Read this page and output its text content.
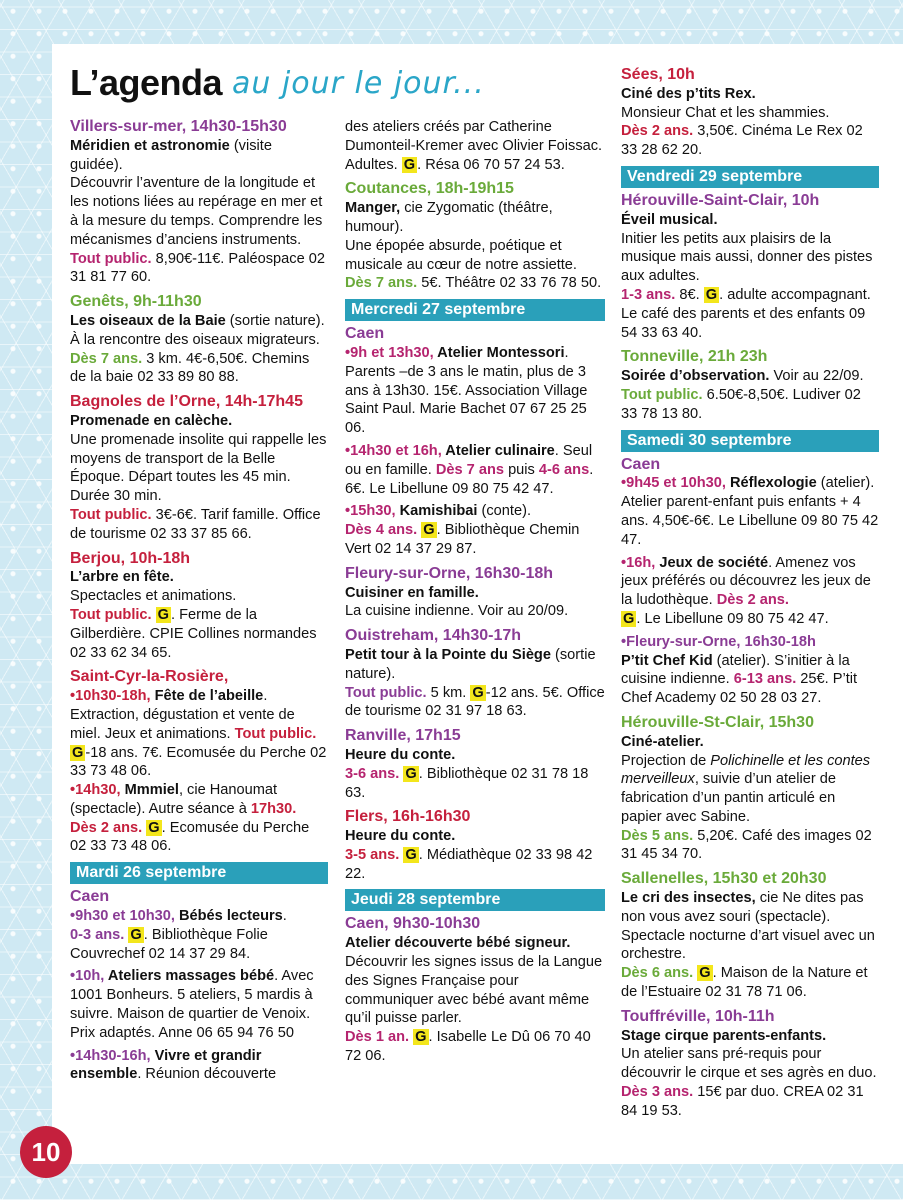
L’agenda au jour le jour...
Villers-sur-mer, 14h30-15h30
Méridien et astronomie (visite guidée).
Découvrir l’aventure de la longitude et les notions liées au repérage en mer et à la mesure du temps. Comprendre les mécanismes d’anciens instruments.
Tout public. 8,90€-11€. Paléospace 02 31 81 77 60.
Genêts, 9h-11h30
Les oiseaux de la Baie (sortie nature). À la rencontre des oiseaux migrateurs.
Dès 7 ans. 3 km. 4€-6,50€. Chemins de la baie 02 33 89 80 88.
Bagnoles de l’Orne, 14h-17h45
Promenade en calèche.
Une promenade insolite qui rappelle les moyens de transport de la Belle Époque. Départ toutes les 45 min. Durée 30 min.
Tout public. 3€-6€. Tarif famille. Office de tourisme 02 33 37 85 66.
Berjou, 10h-18h
L’arbre en fête.
Spectacles et animations.
Tout public. G . Ferme de la Gilberdière. CPIE Collines normandes 02 33 62 34 65.
Saint-Cyr-la-Rosière,
•10h30-18h, Fête de l’abeille. Extraction, dégustation et vente de miel. Jeux et animations. Tout public. G -18 ans. 7€. Ecomusée du Perche 02 33 73 48 06.
•14h30, Mmmiel, cie Hanoumat (spectacle). Autre séance à 17h30.
Dès 2 ans. G . Ecomusée du Perche 02 33 73 48 06.
Mardi 26 septembre
Caen
•9h30 et 10h30, Bébés lecteurs.
0-3 ans. G . Bibliothèque Folie Couvrechef 02 14 37 29 84.
•10h, Ateliers massages bébé. Avec 1001 Bonheurs. 5 ateliers, 5 mardis à suivre. Maison de quartier de Venoix. Prix adaptés. Anne 06 65 94 76 50
•14h30-16h, Vivre et grandir ensemble. Réunion découverte
des ateliers créés par Catherine Dumonteil-Kremer avec Olivier Foissac. Adultes. G . Résa 06 70 57 24 53.
Coutances, 18h-19h15
Manger, cie Zygomatic (théâtre, humour).
Une épopée absurde, poétique et musicale au cœur de notre assiette.
Dès 7 ans. 5€. Théâtre 02 33 76 78 50.
Mercredi 27 septembre
Caen
•9h et 13h30, Atelier Montessori. Parents –de 3 ans le matin, plus de 3 ans à 13h30. 15€. Association Village Saint Paul. Marie Bachet 07 67 25 25 06.
•14h30 et 16h, Atelier culinaire. Seul ou en famille. Dès 7 ans puis 4-6 ans. 6€. Le Libellune 09 80 75 42 47.
•15h30, Kamishibai (conte).
Dès 4 ans. G . Bibliothèque Chemin Vert 02 14 37 29 87.
Fleury-sur-Orne, 16h30-18h
Cuisiner en famille.
La cuisine indienne. Voir au 20/09.
Ouistreham, 14h30-17h
Petit tour à la Pointe du Siège (sortie nature).
Tout public. 5 km. G -12 ans. 5€. Office de tourisme 02 31 97 18 63.
Ranville, 17h15
Heure du conte.
3-6 ans. G . Bibliothèque 02 31 78 18 63.
Flers, 16h-16h30
Heure du conte.
3-5 ans. G . Médiathèque 02 33 98 42 22.
Jeudi 28 septembre
Caen, 9h30-10h30
Atelier découverte bébé signeur.
Découvrir les signes issus de la Langue des Signes Française pour communiquer avec bébé avant même qu’il puisse parler.
Dès 1 an. G . Isabelle Le Dû 06 70 40 72 06.
Sées, 10h
Ciné des p’tits Rex.
Monsieur Chat et les shammies.
Dès 2 ans. 3,50€. Cinéma Le Rex 02 33 28 62 20.
Vendredi 29 septembre
Hérouville-Saint-Clair, 10h
Éveil musical.
Initier les petits aux plaisirs de la musique mais aussi, donner des pistes aux adultes.
1-3 ans. 8€. G . adulte accompagnant. Le café des parents et des enfants 09 54 33 63 40.
Tonneville, 21h 23h
Soirée d’observation. Voir au 22/09.
Tout public. 6.50€-8,50€. Ludiver 02 33 78 13 80.
Samedi 30 septembre
Caen
•9h45 et 10h30, Réflexologie (atelier). Atelier parent-enfant puis enfants + 4 ans. 4,50€-6€. Le Libellune 09 80 75 42 47.
•16h, Jeux de société. Amenez vos jeux préférés ou découvrez les jeux de la ludothèque. Dès 2 ans.
G . Le Libellune 09 80 75 42 47.
•Fleury-sur-Orne, 16h30-18h
P’tit Chef Kid (atelier). S’initier à la cuisine indienne. 6-13 ans. 25€. P’tit Chef Academy 02 50 28 03 27.
Hérouville-St-Clair, 15h30
Ciné-atelier.
Projection de Polichinelle et les contes merveilleux, suivie d’un atelier de fabrication d’un pantin articulé en papier avec Sabine.
Dès 5 ans. 5,20€. Café des images 02 31 45 34 70.
Sallenelles, 15h30 et 20h30
Le cri des insectes, cie Ne dites pas non vous avez souri (spectacle). Spectacle nocturne d’art visuel avec un orchestre.
Dès 6 ans. G . Maison de la Nature et de l’Estuaire 02 31 78 71 06.
Touffréville, 10h-11h
Stage cirque parents-enfants.
Un atelier sans pré-requis pour découvrir le cirque et ses agrès en duo.
Dès 3 ans. 15€ par duo. CREA 02 31 84 19 53.
10
